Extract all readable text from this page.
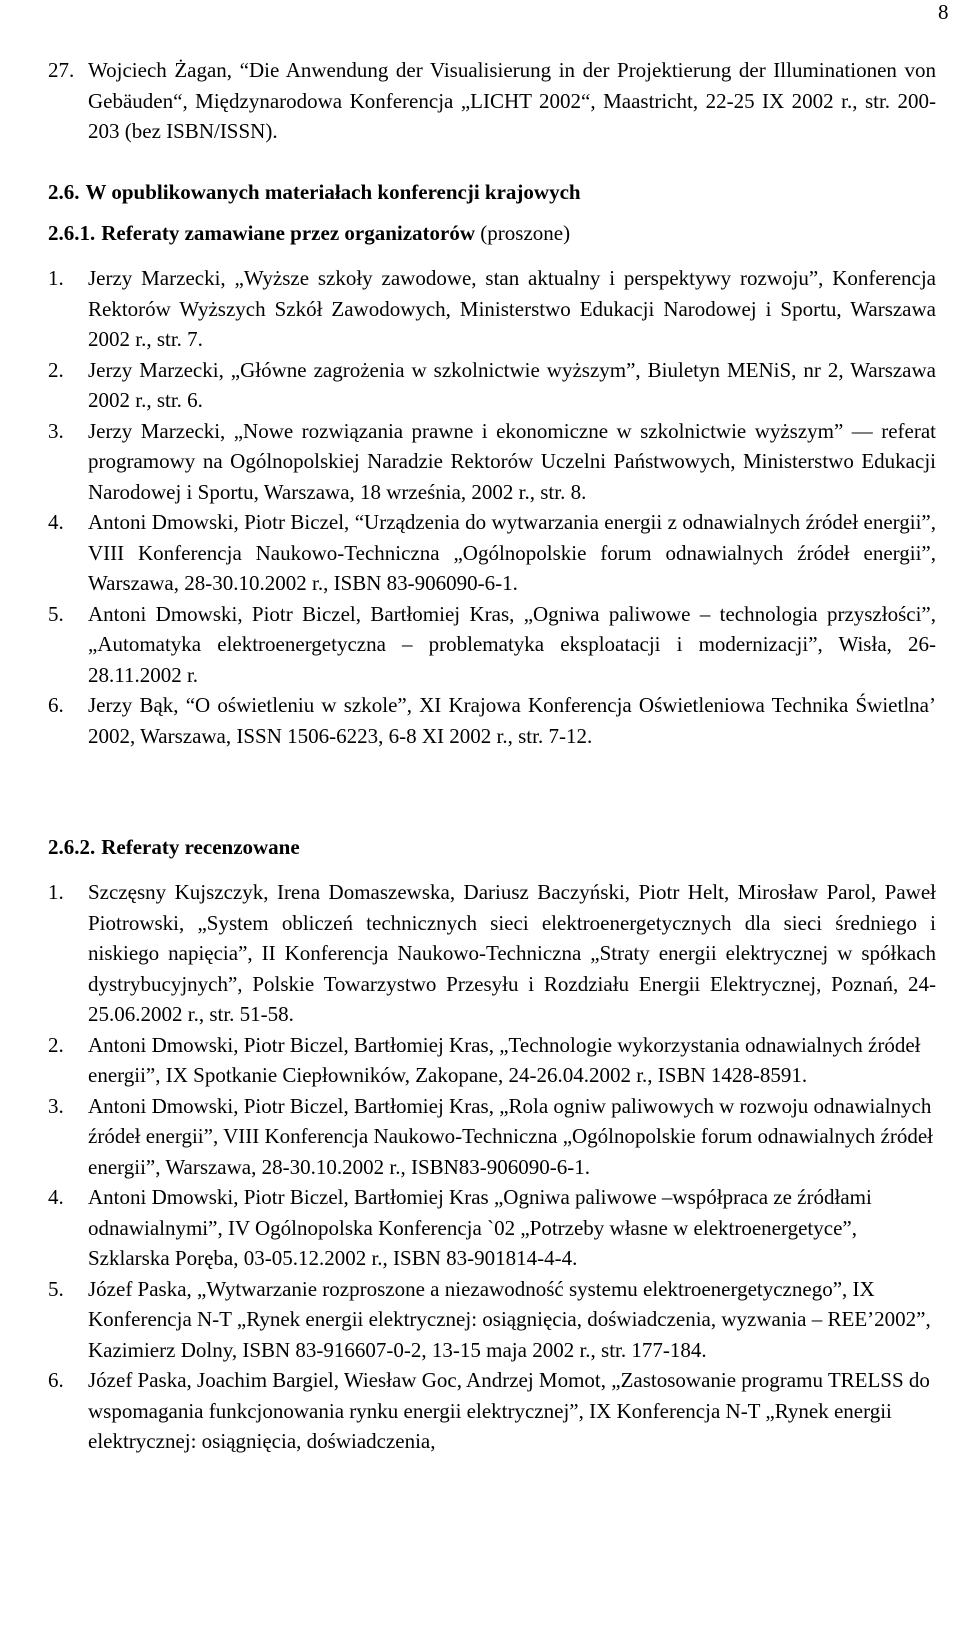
8
27. Wojciech Żagan, “Die Anwendung der Visualisierung in der Projektierung der Illuminationen von Gebäuden“, Międzynarodowa Konferencja „LICHT 2002“, Maastricht, 22-25 IX 2002 r., str. 200-203 (bez ISBN/ISSN).
2.6. W opublikowanych materiałach konferencji krajowych
2.6.1. Referaty zamawiane przez organizatorów (proszone)
1. Jerzy Marzecki, „Wyższe szkoły zawodowe, stan aktualny i perspektywy rozwoju”, Konferencja Rektorów Wyższych Szkół Zawodowych, Ministerstwo Edukacji Narodowej i Sportu, Warszawa 2002 r., str. 7.
2. Jerzy Marzecki, „Główne zagrożenia w szkolnictwie wyższym”, Biuletyn MENiS, nr 2, Warszawa 2002 r., str. 6.
3. Jerzy Marzecki, „Nowe rozwiązania prawne i ekonomiczne w szkolnictwie wyższym” — referat programowy na Ogólnopolskiej Naradzie Rektorów Uczelni Państwowych, Ministerstwo Edukacji Narodowej i Sportu, Warszawa, 18 września, 2002 r., str. 8.
4. Antoni Dmowski, Piotr Biczel, “Urządzenia do wytwarzania energii z odnawialnych źródeł energii”, VIII Konferencja Naukowo-Techniczna „Ogólnopolskie forum odnawialnych źródeł energii”, Warszawa, 28-30.10.2002 r., ISBN 83-906090-6-1.
5. Antoni Dmowski, Piotr Biczel, Bartłomiej Kras, „Ogniwa paliwowe – technologia przyszłości”, „Automatyka elektroenergetyczna – problematyka eksploatacji i modernizacji”, Wisła, 26-28.11.2002 r.
6. Jerzy Bąk, “O oświetleniu w szkole”, XI Krajowa Konferencja Oświetleniowa Technika Świetlna’ 2002, Warszawa, ISSN 1506-6223, 6-8 XI 2002 r., str. 7-12.
2.6.2. Referaty recenzowane
1. Szczęsny Kujszczyk, Irena Domaszewska, Dariusz Baczyński, Piotr Helt, Mirosław Parol, Paweł Piotrowski, „System obliczeń technicznych sieci elektroenergetycznych dla sieci średniego i niskiego napięcia”, II Konferencja Naukowo-Techniczna „Straty energii elektrycznej w spółkach dystrybucyjnych”, Polskie Towarzystwo Przesyłu i Rozdziału Energii Elektrycznej, Poznań, 24-25.06.2002 r., str. 51-58.
2. Antoni Dmowski, Piotr Biczel, Bartłomiej Kras, „Technologie wykorzystania odnawialnych źródeł energii”, IX Spotkanie Ciepłowników, Zakopane, 24-26.04.2002 r., ISBN 1428-8591.
3. Antoni Dmowski, Piotr Biczel, Bartłomiej Kras, „Rola ogniw paliwowych w rozwoju odnawialnych źródeł energii”, VIII Konferencja Naukowo-Techniczna „Ogólnopolskie forum odnawialnych źródeł energii”, Warszawa, 28-30.10.2002 r., ISBN83-906090-6-1.
4. Antoni Dmowski, Piotr Biczel, Bartłomiej Kras „Ogniwa paliwowe –współpraca ze źródłami odnawialnymi”, IV Ogólnopolska Konferencja `02 „Potrzeby własne w elektroenergetyce”, Szklarska Poręba, 03-05.12.2002 r., ISBN 83-901814-4-4.
5. Józef Paska, „Wytwarzanie rozproszone a niezawodność systemu elektroenergetycznego”, IX Konferencja N-T „Rynek energii elektrycznej: osiągnięcia, doświadczenia, wyzwania – REE’2002”, Kazimierz Dolny, ISBN 83-916607-0-2, 13-15 maja 2002 r., str. 177-184.
6. Józef Paska, Joachim Bargiel, Wiesław Goc, Andrzej Momot, „Zastosowanie programu TRELSS do wspomagania funkcjonowania rynku energii elektrycznej”, IX Konferencja N-T „Rynek energii elektrycznej: osiągnięcia, doświadczenia,
